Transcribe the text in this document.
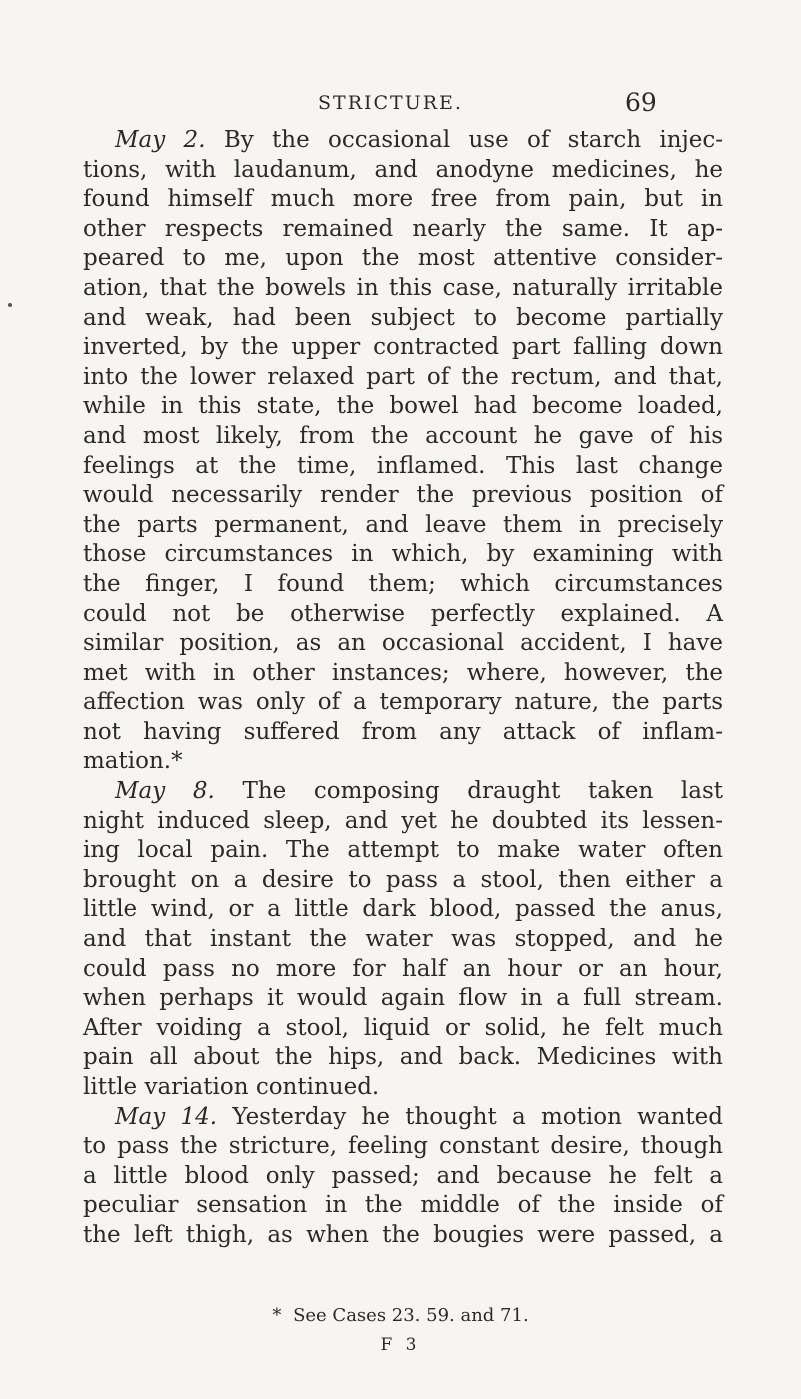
STRICTURE.	69
May 2. By the occasional use of starch injec-
tions, with laudanum, and anodyne medicines, he
found himself much more free from pain, but in
other respects remained nearly the same. It ap-
peared to me, upon the most attentive consider-
ation, that the bowels in this case, naturally irritable
and weak, had been subject to become partially
inverted, by the upper contracted part falling down
into the lower relaxed part of the rectum, and that,
while in this state, the bowel had become loaded,
and most likely, from the account he gave of his
feelings at the time, inflamed. This last change
would necessarily render the previous position of
the parts permanent, and leave them in precisely
those circumstances in which, by examining with
the finger, I found them; which circumstances
could not be otherwise perfectly explained. A
similar position, as an occasional accident, I have
met with in other instances; where, however, the
affection was only of a temporary nature, the parts
not having suffered from any attack of inflam-
mation.*
May 8. The composing draught taken last
night induced sleep, and yet he doubted its lessen-
ing local pain. The attempt to make water often
brought on a desire to pass a stool, then either a
little wind, or a little dark blood, passed the anus,
and that instant the water was stopped, and he
could pass no more for half an hour or an hour,
when perhaps it would again flow in a full stream.
After voiding a stool, liquid or solid, he felt much
pain all about the hips, and back. Medicines with
little variation continued.
May 14. Yesterday he thought a motion wanted
to pass the stricture, feeling constant desire, though
a little blood only passed; and because he felt a
peculiar sensation in the middle of the inside of
the left thigh, as when the bougies were passed, a
* See Cases 23. 59. and 71.
F 3
